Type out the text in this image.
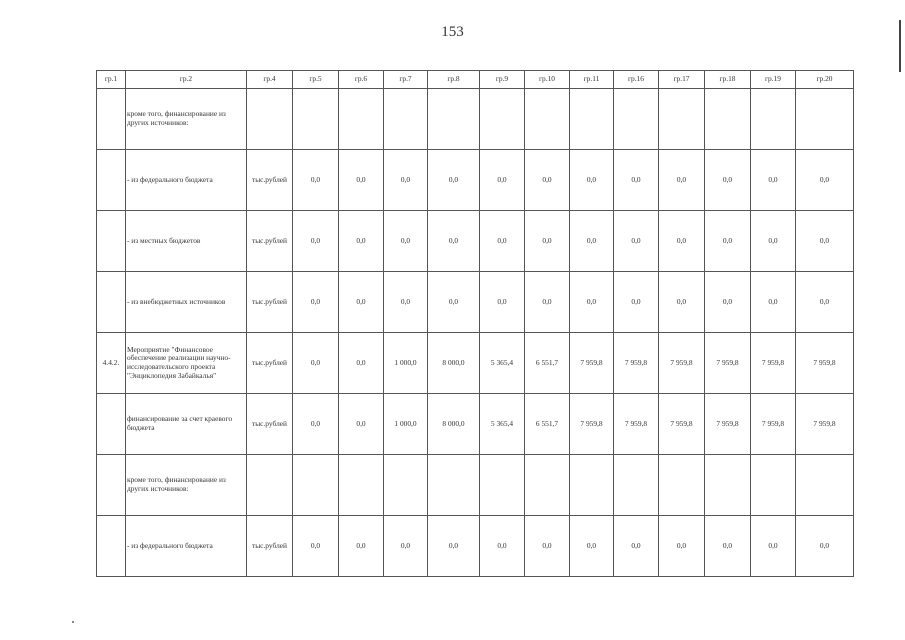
153
гр.1	гр.2	гр.4	гр.5	гр.6	гр.7	гр.8	гр.9	гр.10	гр.11	гр.16	гр.17	гр.18	гр.19	гр.20
	кроме того, финансирование из других источников:													
	- из федерального бюджета	тыс.рублей	0,0	0,0	0,0	0,0	0,0	0,0	0,0	0,0	0,0	0,0	0,0	0,0
	- из местных бюджетов	тыс.рублей	0,0	0,0	0,0	0,0	0,0	0,0	0,0	0,0	0,0	0,0	0,0	0,0
	- из внебюджетных источников	тыс.рублей	0,0	0,0	0,0	0,0	0,0	0,0	0,0	0,0	0,0	0,0	0,0	0,0
4.4.2.	Мероприятие "Финансовое обеспечение реализации научно-исследовательского проекта "Энциклопедия Забайкалья"	тыс.рублей	0,0	0,0	1 000,0	8 000,0	5 365,4	6 551,7	7 959,8	7 959,8	7 959,8	7 959,8	7 959,8	7 959,8
	финансирование за счет краевого бюджета	тыс.рублей	0,0	0,0	1 000,0	8 000,0	5 365,4	6 551,7	7 959,8	7 959,8	7 959,8	7 959,8	7 959,8	7 959,8
	кроме того, финансирование из других источников:													
	- из федерального бюджета	тыс.рублей	0,0	0,0	0,0	0,0	0,0	0,0	0,0	0,0	0,0	0,0	0,0	0,0
